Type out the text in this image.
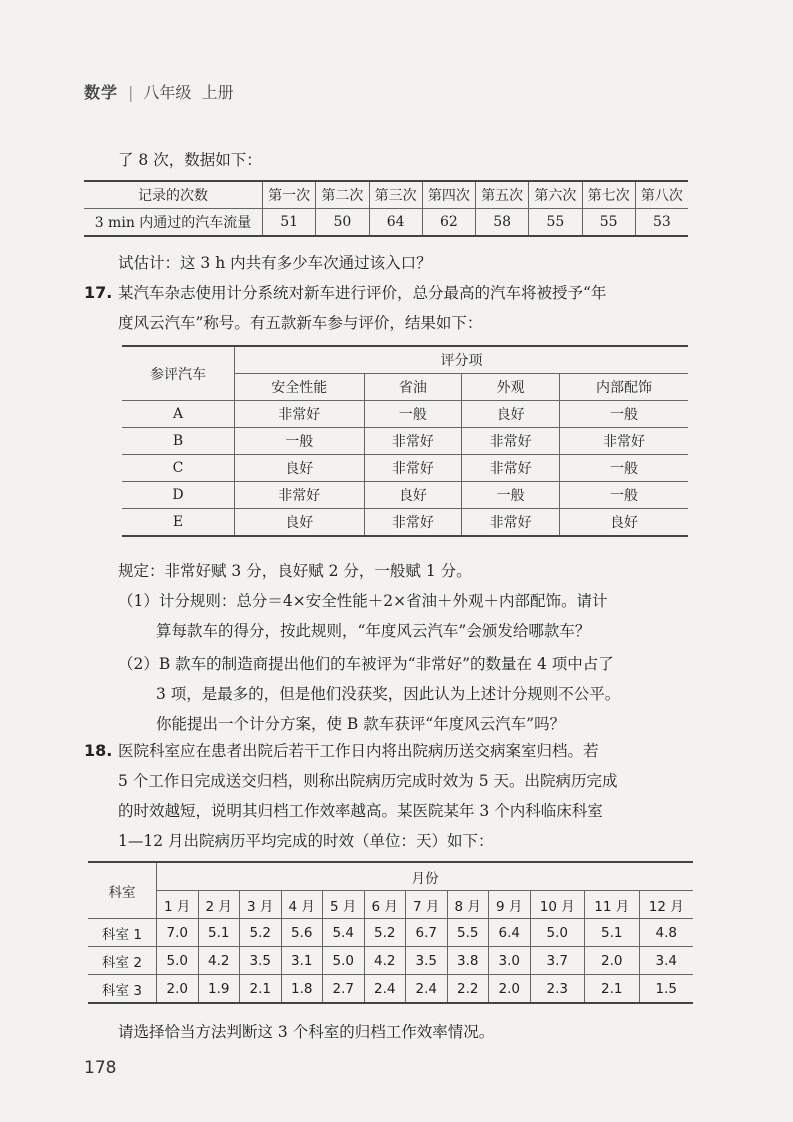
数学 | 八年级 上册
了 8 次，数据如下：
记录的次数	第一次	第二次	第三次	第四次	第五次	第六次	第七次	第八次
3 min 内通过的汽车流量	51	50	64	62	58	55	55	53
试估计：这 3 h 内共有多少车次通过该入口？
17. 某汽车杂志使用计分系统对新车进行评价，总分最高的汽车将被授予“年
度风云汽车”称号。有五款新车参与评价，结果如下：
参评汽车	评分项			
	安全性能	省油	外观	内部配饰
A	非常好	一般	良好	一般
B	一般	非常好	非常好	非常好
C	良好	非常好	非常好	一般
D	非常好	良好	一般	一般
E	良好	非常好	非常好	良好
规定：非常好赋 3 分，良好赋 2 分，一般赋 1 分。
（1）计分规则：总分＝4×安全性能＋2×省油＋外观＋内部配饰。请计
算每款车的得分，按此规则，“年度风云汽车”会颁发给哪款车？
（2）B 款车的制造商提出他们的车被评为“非常好”的数量在 4 项中占了
3 项，是最多的，但是他们没获奖，因此认为上述计分规则不公平。
你能提出一个计分方案，使 B 款车获评“年度风云汽车”吗？
18. 医院科室应在患者出院后若干工作日内将出院病历送交病案室归档。若
5 个工作日完成送交归档，则称出院病历完成时效为 5 天。出院病历完成
的时效越短，说明其归档工作效率越高。某医院某年 3 个内科临床科室
1—12 月出院病历平均完成的时效（单位：天）如下：
科室	月份											
	1 月	2 月	3 月	4 月	5 月	6 月	7 月	8 月	9 月	10 月	11 月	12 月
科室 1	7.0	5.1	5.2	5.6	5.4	5.2	6.7	5.5	6.4	5.0	5.1	4.8
科室 2	5.0	4.2	3.5	3.1	5.0	4.2	3.5	3.8	3.0	3.7	2.0	3.4
科室 3	2.0	1.9	2.1	1.8	2.7	2.4	2.4	2.2	2.0	2.3	2.1	1.5
请选择恰当方法判断这 3 个科室的归档工作效率情况。
178
